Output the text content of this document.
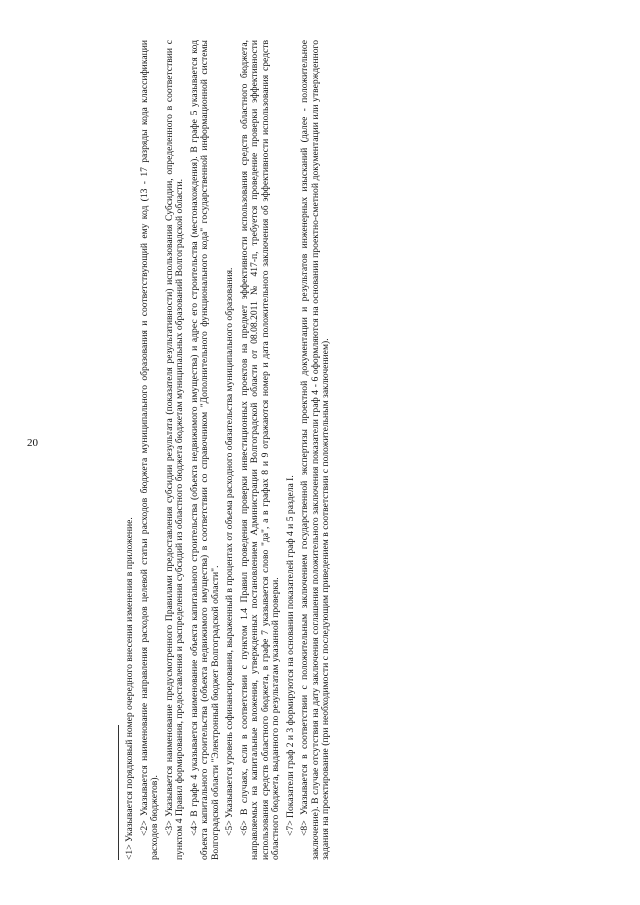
20

<1> Указывается порядковый номер очередного внесения изменения в приложение. <2> Указывается наименование направления расходов целевой статьи расходов бюджета муниципального образования и соответствующий ему код (13 - 17 разряды кода классификации расходов бюджетов). <3> Указывается наименование предусмотренного Правилами предоставления субсидии результата (показателя результативности) использования Субсидии, определенного в соответствии с пунктом 4 Правил формирования, предоставления и распределения субсидий из областного бюджета бюджетам муниципальных образований Волгоградской области. <4> В графе 4 указывается наименование объекта капитального строительства (объекта недвижимого имущества) и адрес его строительства (местонахождения). В графе 5 указывается код объекта капитального строительства (объекта недвижимого имущества) в соответствии со справочником "Дополнительного функционального кода" государственной информационной системы Волгоградской области "Электронный бюджет Волгоградской области". <5> Указывается уровень софинансирования, выраженный в процентах от объема расходного обязательства муниципального образования. <6> В случаях, если в соответствии с пунктом 1.4 Правил проведения проверки инвестиционных проектов на предмет эффективности использования средств областного бюджета, направляемых на капитальные вложения, утвержденных постановлением Администрации Волгоградской области от 08.08.2011 № 417-п, требуется проведение проверки эффективности использования средств областного бюджета, в графе 7 указывается слово "да", а в графах 8 и 9 отражаются номер и дата положительного заключения об эффективности использования средств областного бюджета, выданного по результатам указанной проверки. <7> Показатели граф 2 и 3 формируются на основании показателей граф 4 и 5 раздела I. <8> Указывается в соответствии с положительным заключением государственной экспертизы проектной документации и результатов инженерных изысканий (далее - положительное заключение). В случае отсутствия на дату заключения соглашения положительного заключения показатели граф 4 - 6 оформляются на основании проектно-сметной документации или утвержденного задания на проектирование (при необходимости с последующим приведением в соответствии с положительным заключением).
